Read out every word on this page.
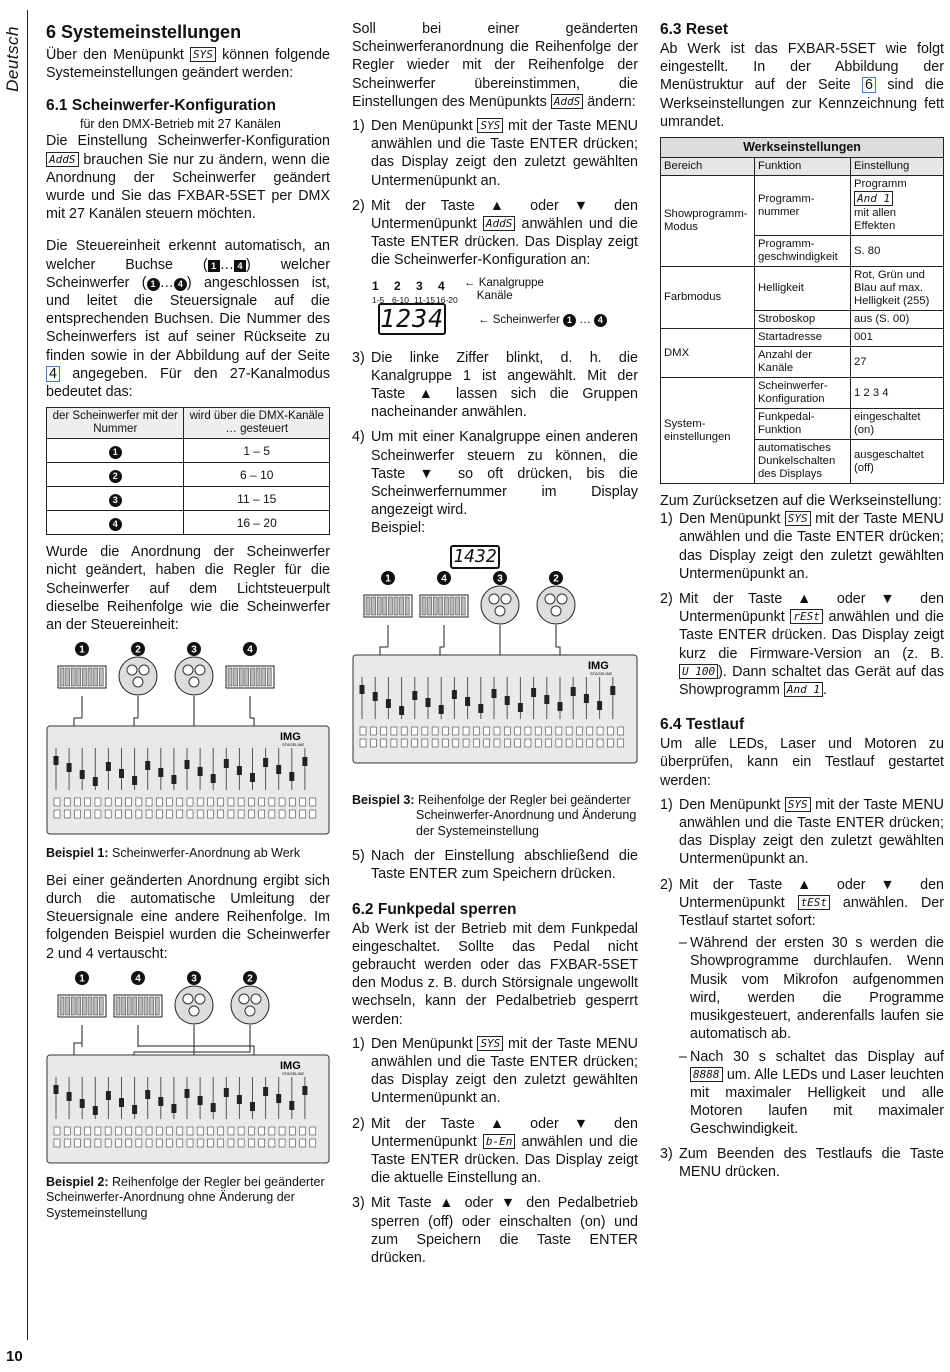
Deutsch
10
6 Systemeinstellungen

Über den Menüpunkt SYS können folgende Systemeinstellungen geändert werden:

6.1 Scheinwerfer-Konfiguration
für den DMX-Betrieb mit 27 Kanälen

Die Einstellung Scheinwerfer-Konfiguration AddS brauchen Sie nur zu ändern, wenn die Anordnung der Scheinwerfer geändert wurde und Sie das FXBAR-5SET per DMX mit 27 Kanälen steuern möchten.

Die Steuereinheit erkennt automatisch, an welcher Buchse ( 1 … 4 ) welcher Scheinwerfer ( 1 … 4 ) angeschlossen ist, und leitet die Steuersignale auf die entsprechenden Buchsen. Die Nummer des Scheinwerfers ist auf seiner Rückseite zu finden sowie in der Abbildung auf der Seite 4 angegeben. Für den 27-Kanalmodus bedeutet das:

der Scheinwerfer mit der Nummer	wird über die DMX-Kanäle … gesteuert
1	1 – 5
2	6 – 10
3	11 – 15
4	16 – 20

Wurde die Anordnung der Scheinwerfer nicht geändert, haben die Regler für die Scheinwerfer auf dem Lichtsteuerpult dieselbe Reihenfolge wie die Scheinwerfer an der Steuereinheit:

1	2	3	4
IMG
STAGELINE
Beispiel 1: Scheinwerfer-Anordnung ab Werk

Bei einer geänderten Anordnung ergibt sich durch die automatische Umleitung der Steuersignale eine andere Reihenfolge. Im folgenden Beispiel wurden die Scheinwerfer 2 und 4 vertauscht:

1	4	3	2
IMG
STAGELINE
Beispiel 2: Reihenfolge der Regler bei geänderter Scheinwerfer-Anordnung ohne Änderung der Systemeinstellung

Soll bei einer geänderten Scheinwerferanordnung die Reihenfolge der Regler wieder mit der Reihenfolge der Scheinwerfer übereinstimmen, die Einstellungen des Menüpunkts AddS ändern:

1) Den Menüpunkt SYS mit der Taste MENU anwählen und die Taste ENTER drücken; das Display zeigt den zuletzt gewählten Untermenüpunkt an.
2) Mit der Taste ▲ oder ▼ den Untermenüpunkt AddS anwählen und die Taste ENTER drücken. Das Display zeigt die Scheinwerfer-Konfiguration an:
1 2 3 4
1-5 6-10 11-1516-20
← Kanalgruppe
Kanäle
1234	← Scheinwerfer 1 … 4
3) Die linke Ziffer blinkt, d. h. die Kanalgruppe 1 ist angewählt. Mit der Taste ▲ lassen sich die Gruppen nacheinander anwählen.
4) Um mit einer Kanalgruppe einen anderen Scheinwerfer steuern zu können, die Taste ▼ so oft drücken, bis die Scheinwerfernummer im Display angezeigt wird.
Beispiel:
1432
1	4	3	2
IMG
STAGELINE
Beispiel 3: Reihenfolge der Regler bei geänderter Scheinwerfer-Anordnung und Änderung der Systemeinstellung
5) Nach der Einstellung abschließend die Taste ENTER zum Speichern drücken.
6.2 Funkpedal sperren

Ab Werk ist der Betrieb mit dem Funkpedal eingeschaltet. Sollte das Pedal nicht gebraucht werden oder das FXBAR-5SET den Modus z. B. durch Störsignale ungewollt wechseln, kann der Pedalbetrieb gesperrt werden:

1) Den Menüpunkt SYS mit der Taste MENU anwählen und die Taste ENTER drücken; das Display zeigt den zuletzt gewählten Untermenüpunkt an.
2) Mit der Taste ▲ oder ▼ den Untermenüpunkt b-En anwählen und die Taste ENTER drücken. Das Display zeigt die aktuelle Einstellung an.
3) Mit Taste ▲ oder ▼ den Pedalbetrieb sperren (off) oder einschalten (on) und zum Speichern die Taste ENTER drücken.
6.3 Reset

Ab Werk ist das FXBAR-5SET wie folgt eingestellt. In der Abbildung der Menüstruktur auf der Seite 6 sind die Werkseinstellungen zur Kennzeichnung fett umrandet.

Werkseinstellungen		
Bereich	Funktion	Einstellung
Showprogramm-Modus	Programm-nummer	Programm And 1
mit allen Effekten
	Programm-geschwindigkeit	S. 80
Farbmodus	Helligkeit	Rot, Grün und Blau auf max. Helligkeit (255)
	Stroboskop	aus (S. 00)
DMX	Startadresse	001
	Anzahl der Kanäle	27
System-einstellungen	Scheinwerfer-Konfiguration	1 2 3 4
	Funkpedal-Funktion	eingeschaltet (on)
	automatisches Dunkelschalten des Displays	ausgeschaltet (off)

Zum Zurücksetzen auf die Werkseinstellung:

1) Den Menüpunkt SYS mit der Taste MENU anwählen und die Taste ENTER drücken; das Display zeigt den zuletzt gewählten Untermenüpunkt an.
2) Mit der Taste ▲ oder ▼ den Untermenüpunkt rESt anwählen und die Taste ENTER drücken. Das Display zeigt kurz die Firmware-Version an (z. B. U 100 ). Dann schaltet das Gerät auf das Showprogramm And 1 .
6.4 Testlauf

Um alle LEDs, Laser und Motoren zu überprüfen, kann ein Testlauf gestartet werden:

1) Den Menüpunkt SYS mit der Taste MENU anwählen und die Taste ENTER drücken; das Display zeigt den zuletzt gewählten Untermenüpunkt an.
2) Mit der Taste ▲ oder ▼ den Untermenüpunkt tESt anwählen. Der Testlauf startet sofort:
– Während der ersten 30 s werden die Showprogramme durchlaufen. Wenn Musik vom Mikrofon aufgenommen wird, werden die Programme musikgesteuert, anderenfalls laufen sie automatisch ab.
– Nach 30 s schaltet das Display auf 8888 um. Alle LEDs und Laser leuchten mit maximaler Helligkeit und alle Motoren laufen mit maximaler Geschwindigkeit.
3) Zum Beenden des Testlaufs die Taste MENU drücken.
